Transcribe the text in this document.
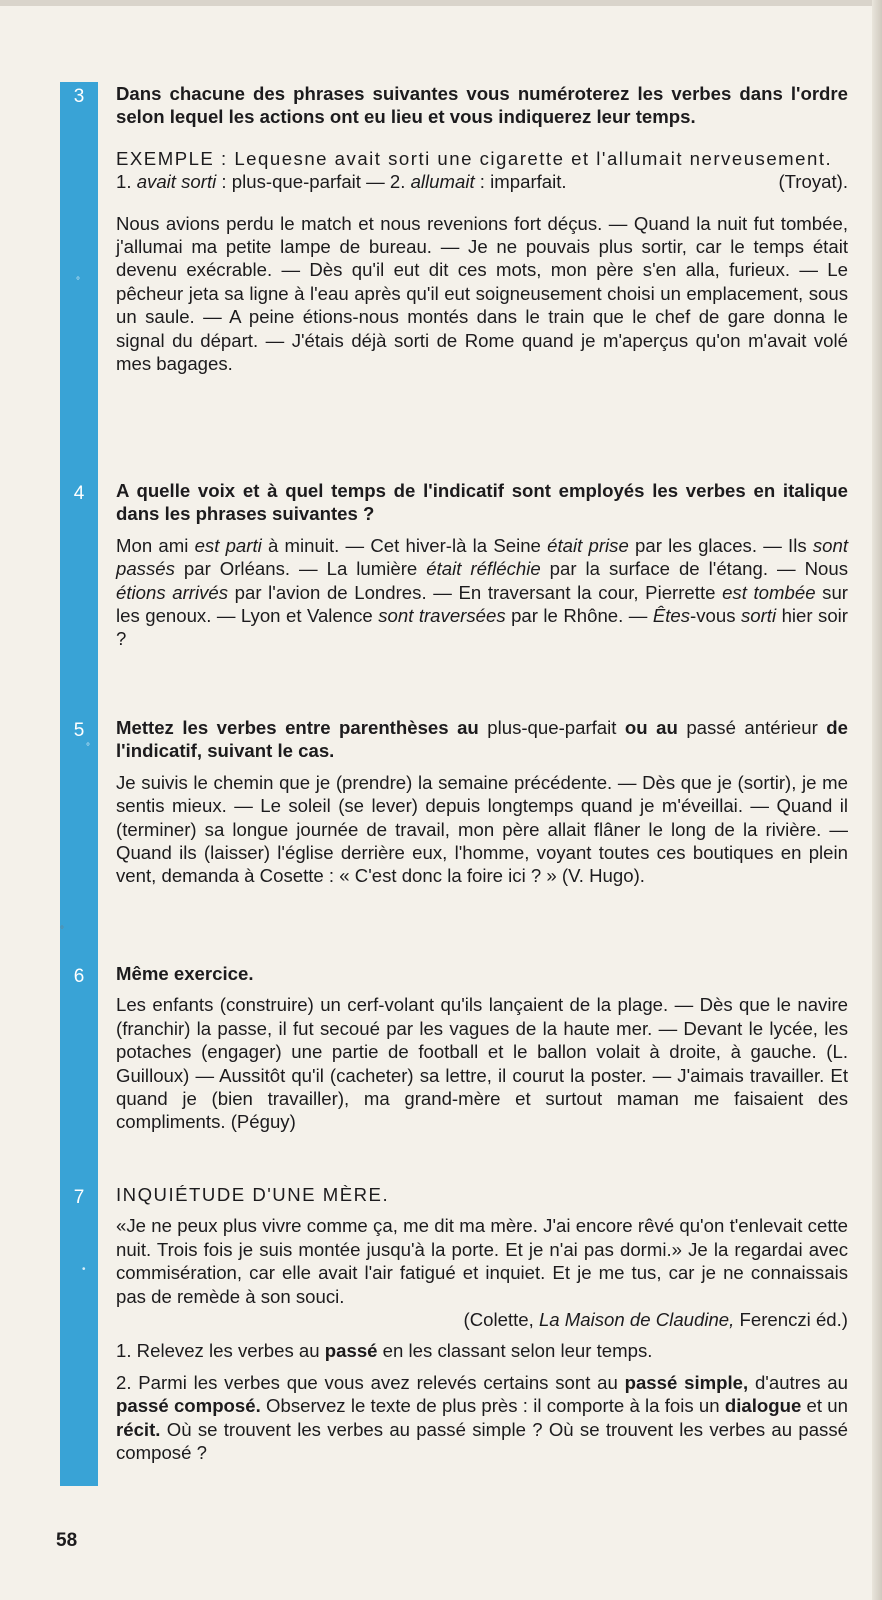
3
4
5
6
7
°
°
•
°

Dans chacune des phrases suivantes vous numéroterez les verbes dans l'ordre selon lequel les actions ont eu lieu et vous indiquerez leur temps.

EXEMPLE : Lequesne avait sorti une cigarette et l'allumait nerveusement.

1. avait sorti : plus-que-parfait — 2. allumait : imparfait.	(Troyat).

Nous avions perdu le match et nous revenions fort déçus. — Quand la nuit fut tombée, j'allumai ma petite lampe de bureau. — Je ne pouvais plus sortir, car le temps était devenu exécrable. — Dès qu'il eut dit ces mots, mon père s'en alla, furieux. — Le pêcheur jeta sa ligne à l'eau après qu'il eut soigneusement choisi un emplacement, sous un saule. — A peine étions-nous montés dans le train que le chef de gare donna le signal du départ. — J'étais déjà sorti de Rome quand je m'aperçus qu'on m'avait volé mes bagages.

A quelle voix et à quel temps de l'indicatif sont employés les verbes en italique dans les phrases suivantes ?

Mon ami est parti à minuit. — Cet hiver-là la Seine était prise par les glaces. — Ils sont passés par Orléans. — La lumière était réfléchie par la surface de l'étang. — Nous étions arrivés par l'avion de Londres. — En traversant la cour, Pierrette est tombée sur les genoux. — Lyon et Valence sont traversées par le Rhône. — Êtes-vous sorti hier soir ?

Mettez les verbes entre parenthèses au plus-que-parfait ou au passé antérieur de l'indicatif, suivant le cas.

Je suivis le chemin que je (prendre) la semaine précédente. — Dès que je (sortir), je me sentis mieux. — Le soleil (se lever) depuis longtemps quand je m'éveillai. — Quand il (terminer) sa longue journée de travail, mon père allait flâner le long de la rivière. — Quand ils (laisser) l'église derrière eux, l'homme, voyant toutes ces boutiques en plein vent, demanda à Cosette : « C'est donc la foire ici ? » (V. Hugo).

Même exercice.

Les enfants (construire) un cerf-volant qu'ils lançaient de la plage. — Dès que le navire (franchir) la passe, il fut secoué par les vagues de la haute mer. — Devant le lycée, les potaches (engager) une partie de football et le ballon volait à droite, à gauche. (L. Guilloux) — Aussitôt qu'il (cacheter) sa lettre, il courut la poster. — J'aimais travailler. Et quand je (bien travailler), ma grand-mère et surtout maman me faisaient des compliments. (Péguy)

INQUIÉTUDE D'UNE MÈRE.

«Je ne peux plus vivre comme ça, me dit ma mère. J'ai encore rêvé qu'on t'enlevait cette nuit. Trois fois je suis montée jusqu'à la porte. Et je n'ai pas dormi.» Je la regardai avec commisération, car elle avait l'air fatigué et inquiet. Et je me tus, car je ne connaissais pas de remède à son souci.

(Colette, La Maison de Claudine, Ferenczi éd.)

1. Relevez les verbes au passé en les classant selon leur temps.

2. Parmi les verbes que vous avez relevés certains sont au passé simple, d'autres au passé composé. Observez le texte de plus près : il comporte à la fois un dialogue et un récit. Où se trouvent les verbes au passé simple ? Où se trouvent les verbes au passé composé ?

58
